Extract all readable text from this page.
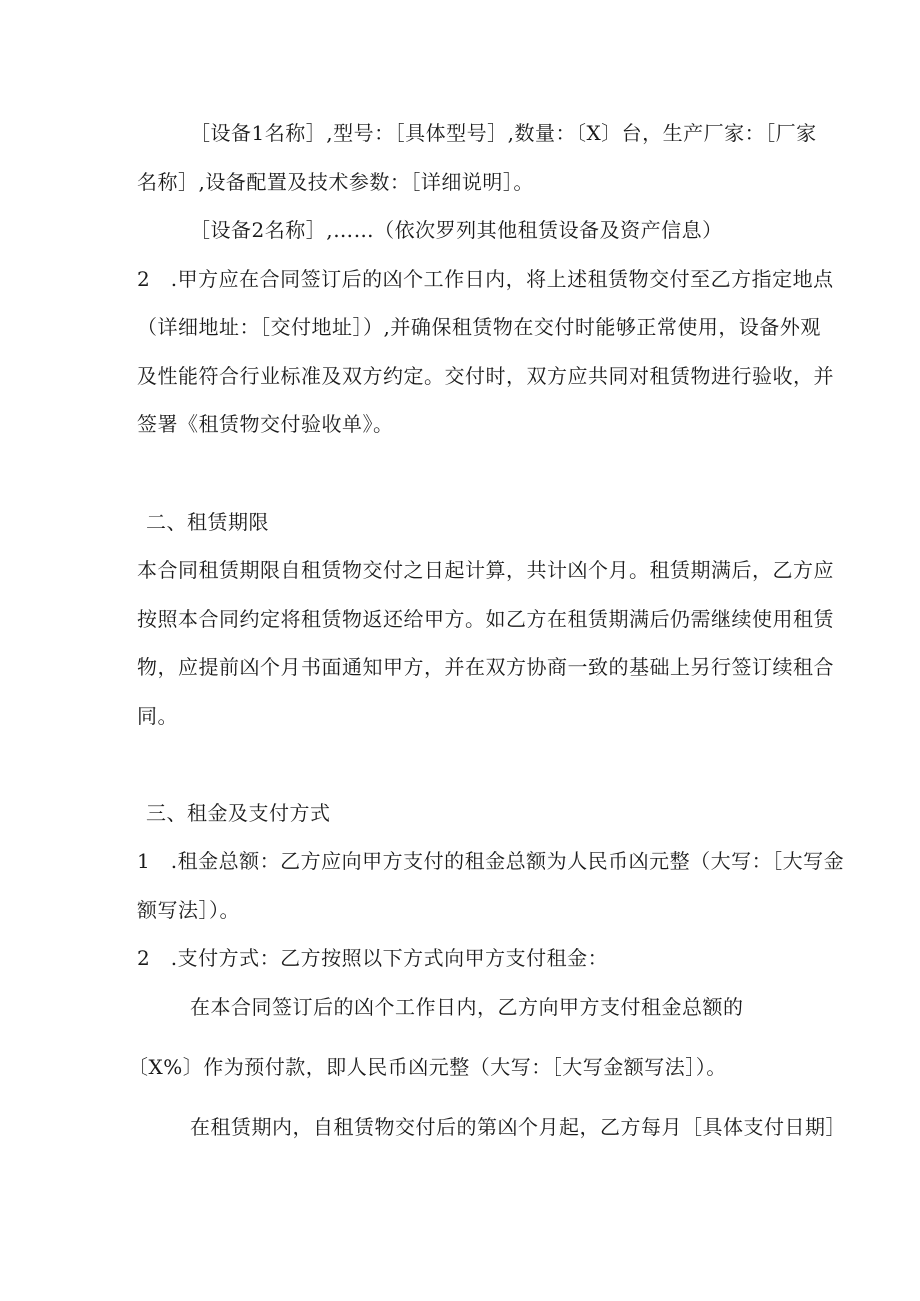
［设备1名称］,型号：［具体型号］,数量：〔X〕台，生产厂家：［厂家
名称］,设备配置及技术参数：［详细说明］。
［设备2名称］,……（依次罗列其他租赁设备及资产信息）
2　.甲方应在合同签订后的凶个工作日内，将上述租赁物交付至乙方指定地点
（详细地址：［交付地址］）,并确保租赁物在交付时能够正常使用，设备外观
及性能符合行业标准及双方约定。交付时，双方应共同对租赁物进行验收，并
签署《租赁物交付验收单》。
二、租赁期限
本合同租赁期限自租赁物交付之日起计算，共计凶个月。租赁期满后，乙方应
按照本合同约定将租赁物返还给甲方。如乙方在租赁期满后仍需继续使用租赁
物，应提前凶个月书面通知甲方，并在双方协商一致的基础上另行签订续租合
同。
三、租金及支付方式
1　.租金总额：乙方应向甲方支付的租金总额为人民币凶元整（大写：［大写金
额写法］）。
2　.支付方式：乙方按照以下方式向甲方支付租金：
在本合同签订后的凶个工作日内，乙方向甲方支付租金总额的
〔X%〕作为预付款，即人民币凶元整（大写：［大写金额写法］）。
在租赁期内，自租赁物交付后的第凶个月起，乙方每月［具体支付日期］
